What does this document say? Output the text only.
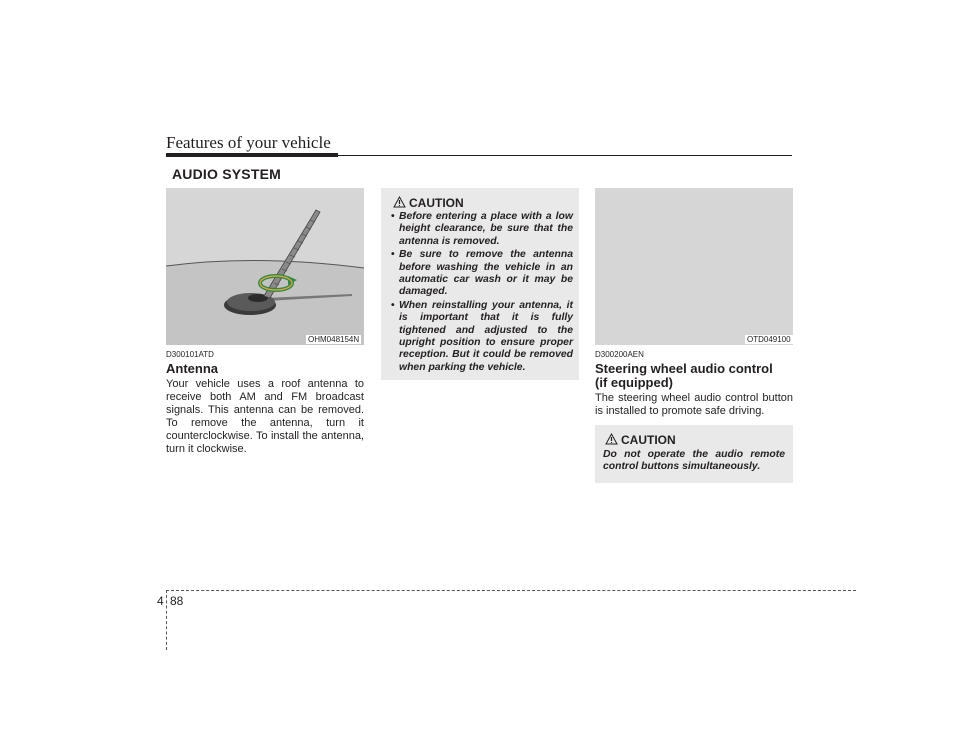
Features of your vehicle
AUDIO SYSTEM
OHM048154N
D300101ATD
Antenna
Your vehicle uses a roof antenna to receive both AM and FM broadcast signals. This antenna can be removed. To remove the antenna, turn it counterclockwise. To install the antenna, turn it clockwise.
CAUTION
• Before entering a place with a low height clearance, be sure that the antenna is removed.
• Be sure to remove the antenna before washing the vehicle in an automatic car wash or it may be damaged.
• When reinstalling your antenna, it is important that it is fully tightened and adjusted to the upright position to ensure proper reception. But it could be removed when parking the vehicle.
OTD049100
D300200AEN
Steering wheel audio control
(if equipped)
The steering wheel audio control button is installed to promote safe driving.
CAUTION
Do not operate the audio remote control buttons simultaneously.
4 88
